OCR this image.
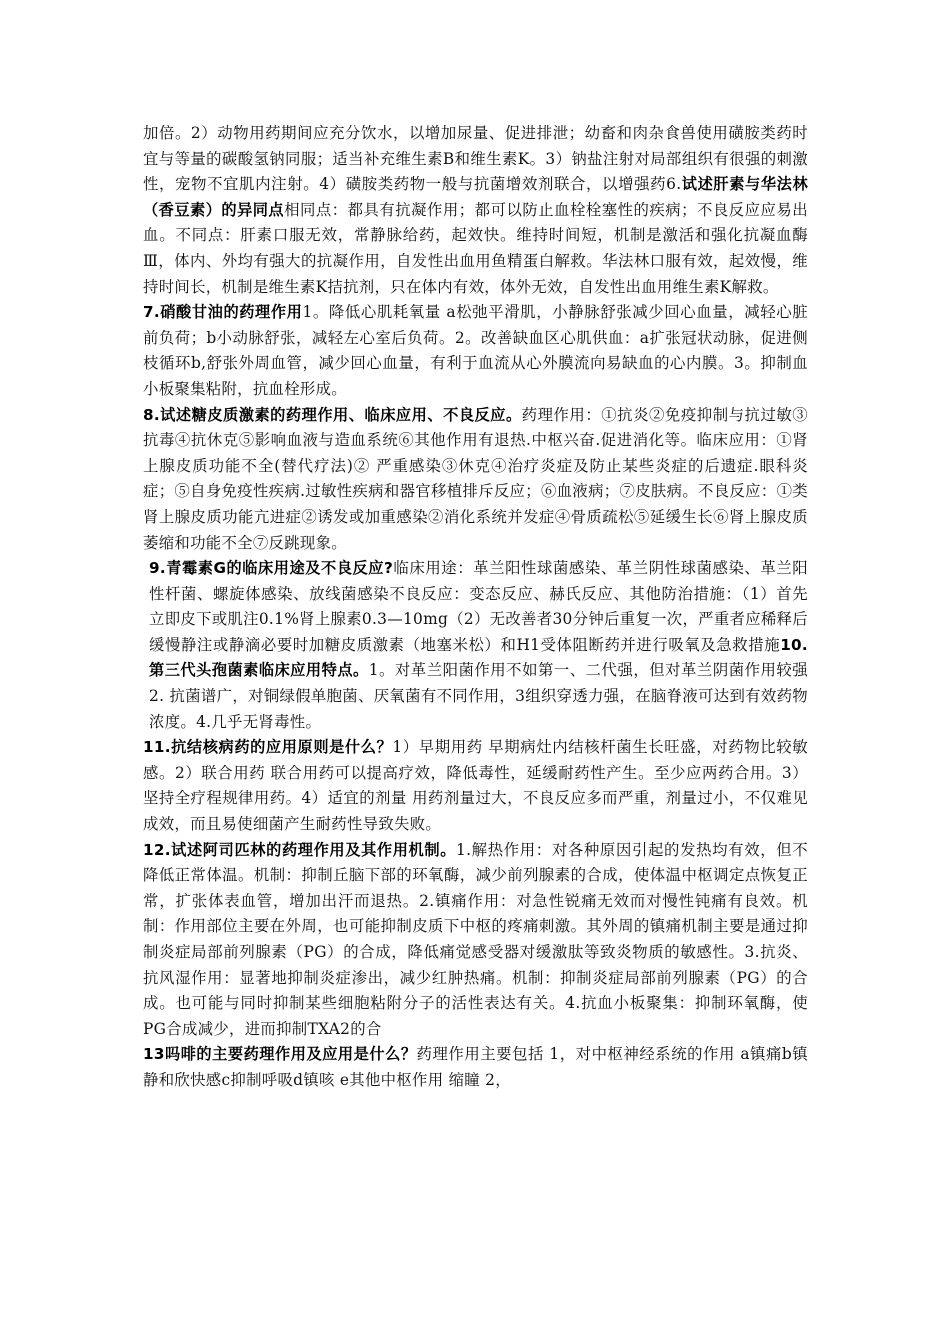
加倍。2）动物用药期间应充分饮水，以增加尿量、促进排泄；幼畜和肉杂食兽使用磺胺类药时宜与等量的碳酸氢钠同服；适当补充维生素B和维生素K。3）钠盐注射对局部组织有很强的刺激性，宠物不宜肌内注射。4）磺胺类药物一般与抗菌增效剂联合，以增强药6.试述肝素与华法林（香豆素）的异同点相同点：都具有抗凝作用；都可以防止血栓栓塞性的疾病；不良反应应易出血。不同点：肝素口服无效，常静脉给药，起效快。维持时间短，机制是激活和强化抗凝血酶Ⅲ，体内、外均有强大的抗凝作用，自发性出血用鱼精蛋白解救。华法林口服有效，起效慢，维持时间长，机制是维生素K拮抗剂，只在体内有效，体外无效，自发性出血用维生素K解救。

7.硝酸甘油的药理作用1。降低心肌耗氧量 a松弛平滑肌，小静脉舒张减少回心血量，减轻心脏前负荷；b小动脉舒张，减轻左心室后负荷。2。改善缺血区心肌供血：a扩张冠状动脉，促进侧枝循环b,舒张外周血管，减少回心血量，有利于血流从心外膜流向易缺血的心内膜。3。抑制血小板聚集粘附，抗血栓形成。

8.试述糖皮质激素的药理作用、临床应用、不良反应。药理作用：①抗炎②免疫抑制与抗过敏③抗毒④抗休克⑤影响血液与造血系统⑥其他作用有退热.中枢兴奋.促进消化等。临床应用：①肾上腺皮质功能不全(替代疗法)② 严重感染③休克④治疗炎症及防止某些炎症的后遗症.眼科炎症；⑤自身免疫性疾病.过敏性疾病和器官移植排斥反应；⑥血液病；⑦皮肤病。不良反应：①类肾上腺皮质功能亢进症②诱发或加重感染②消化系统并发症④骨质疏松⑤延缓生长⑥肾上腺皮质萎缩和功能不全⑦反跳现象。

9.青霉素G的临床用途及不良反应?临床用途：革兰阳性球菌感染、革兰阴性球菌感染、革兰阳性杆菌、螺旋体感染、放线菌感染不良反应：变态反应、赫氏反应、其他防治措施：（1）首先立即皮下或肌注0.1%肾上腺素0.3—10mg（2）无改善者30分钟后重复一次，严重者应稀释后缓慢静注或静滴必要时加糖皮质激素（地塞米松）和H1受体阻断药并进行吸氧及急救措施10.第三代头孢菌素临床应用特点。1。对革兰阳菌作用不如第一、二代强，但对革兰阴菌作用较强2. 抗菌谱广，对铜绿假单胞菌、厌氧菌有不同作用，3组织穿透力强，在脑脊液可达到有效药物浓度。4.几乎无肾毒性。

11.抗结核病药的应用原则是什么？1）早期用药 早期病灶内结核杆菌生长旺盛，对药物比较敏感。2）联合用药 联合用药可以提高疗效，降低毒性，延缓耐药性产生。至少应两药合用。3）坚持全疗程规律用药。4）适宜的剂量 用药剂量过大，不良反应多而严重，剂量过小，不仅难见成效，而且易使细菌产生耐药性导致失败。

12.试述阿司匹林的药理作用及其作用机制。1.解热作用：对各种原因引起的发热均有效，但不降低正常体温。机制：抑制丘脑下部的环氧酶，减少前列腺素的合成，使体温中枢调定点恢复正常，扩张体表血管，增加出汗而退热。2.镇痛作用：对急性锐痛无效而对慢性钝痛有良效。机制：作用部位主要在外周，也可能抑制皮质下中枢的疼痛刺激。其外周的镇痛机制主要是通过抑制炎症局部前列腺素（PG）的合成，降低痛觉感受器对缓激肽等致炎物质的敏感性。3.抗炎、抗风湿作用：显著地抑制炎症渗出，减少红肿热痛。机制：抑制炎症局部前列腺素（PG）的合成。也可能与同时抑制某些细胞粘附分子的活性表达有关。4.抗血小板聚集：抑制环氧酶，使PG合成减少，进而抑制TXA2的合

13吗啡的主要药理作用及应用是什么？药理作用主要包括 1，对中枢神经系统的作用 a镇痛b镇静和欣快感c抑制呼吸d镇咳 e其他中枢作用 缩瞳 2，
